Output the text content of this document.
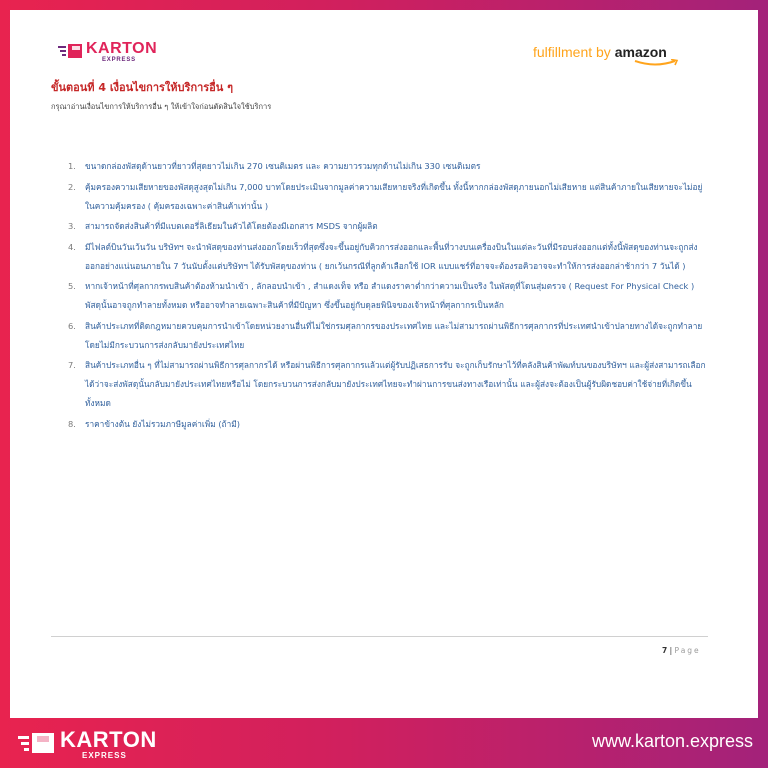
KARTON
EXPRESS	fulfillment by amazon
ขั้นตอนที่ 4 เงื่อนไขการให้บริการอื่น ๆ
กรุณาอ่านเงื่อนไขการให้บริการอื่น ๆ ให้เข้าใจก่อนตัดสินใจใช้บริการ
1. ขนาดกล่องพัสดุด้านยาวที่ยาวที่สุดยาวไม่เกิน 270 เซนติเมตร และ ความยาวรวมทุกด้านไม่เกิน 330 เซนติเมตร
2. คุ้มครองความเสียหายของพัสดุสูงสุดไม่เกิน 7,000 บาทโดยประเมินจากมูลค่าความเสียหายจริงที่เกิดขึ้น ทั้งนี้หากกล่องพัสดุภายนอกไม่เสียหาย แต่สินค้าภายในเสียหายจะไม่อยู่ในความคุ้มครอง ( คุ้มครองเฉพาะค่าสินค้าเท่านั้น )
3. สามารถจัดส่งสินค้าที่มีแบตเตอรี่ลิเธียมในตัวได้โดยต้องมีเอกสาร MSDS จากผู้ผลิต
4. มีไฟลต์บินวันเว้นวัน บริษัทฯ จะนำพัสดุของท่านส่งออกโดยเร็วที่สุดซึ่งจะขึ้นอยู่กับคิวการส่งออกและพื้นที่วางบนเครื่องบินในแต่ละวันที่มีรอบส่งออกแต่ทั้งนี้พัสดุของท่านจะถูกส่งออกอย่างแน่นอนภายใน 7 วันนับตั้งแต่บริษัทฯ ได้รับพัสดุของท่าน ( ยกเว้นกรณีที่ลูกค้าเลือกใช้ IOR แบบแชร์ที่อาจจะต้องรอคิวอาจจะทำให้การส่งออกล่าช้ากว่า 7 วันได้ )
5. หากเจ้าหน้าที่ศุลกากรพบสินค้าต้องห้ามนำเข้า , ลักลอบนำเข้า , สำแดงเท็จ หรือ สำแดงราคาต่ำกว่าความเป็นจริง ในพัสดุที่โดนสุ่มตรวจ ( Request For Physical Check ) พัสดุนั้นอาจถูกทำลายทั้งหมด หรืออาจทำลายเฉพาะสินค้าที่มีปัญหา ซึ่งขึ้นอยู่กับดุลยพินิจของเจ้าหน้าที่ศุลกากรเป็นหลัก
6. สินค้าประเภทที่ติดกฎหมายควบคุมการนำเข้าโดยหน่วยงานอื่นที่ไม่ใช่กรมศุลกากรของประเทศไทย และไม่สามารถผ่านพิธีการศุลกากรที่ประเทศนำเข้าปลายทางได้จะถูกทำลาย โดยไม่มีกระบวนการส่งกลับมายังประเทศไทย
7. สินค้าประเภทอื่น ๆ ที่ไม่สามารถผ่านพิธีการศุลกากรได้ หรือผ่านพิธีการศุลกากรแล้วแต่ผู้รับปฏิเสธการรับ จะถูกเก็บรักษาไว้ที่คลังสินค้าพัฒท์บนของบริษัทฯ และผู้ส่งสามารถเลือกได้ว่าจะส่งพัสดุนั้นกลับมายังประเทศไทยหรือไม่ โดยกระบวนการส่งกลับมายังประเทศไทยจะทำผ่านการขนส่งทางเรือเท่านั้น และผู้ส่งจะต้องเป็นผู้รับผิดชอบค่าใช้จ่ายที่เกิดขึ้นทั้งหมด
8. ราคาข้างต้น ยังไม่รวมภาษีมูลค่าเพิ่ม (ถ้ามี)
7 | Page
KARTON
EXPRESS
www.karton.express
